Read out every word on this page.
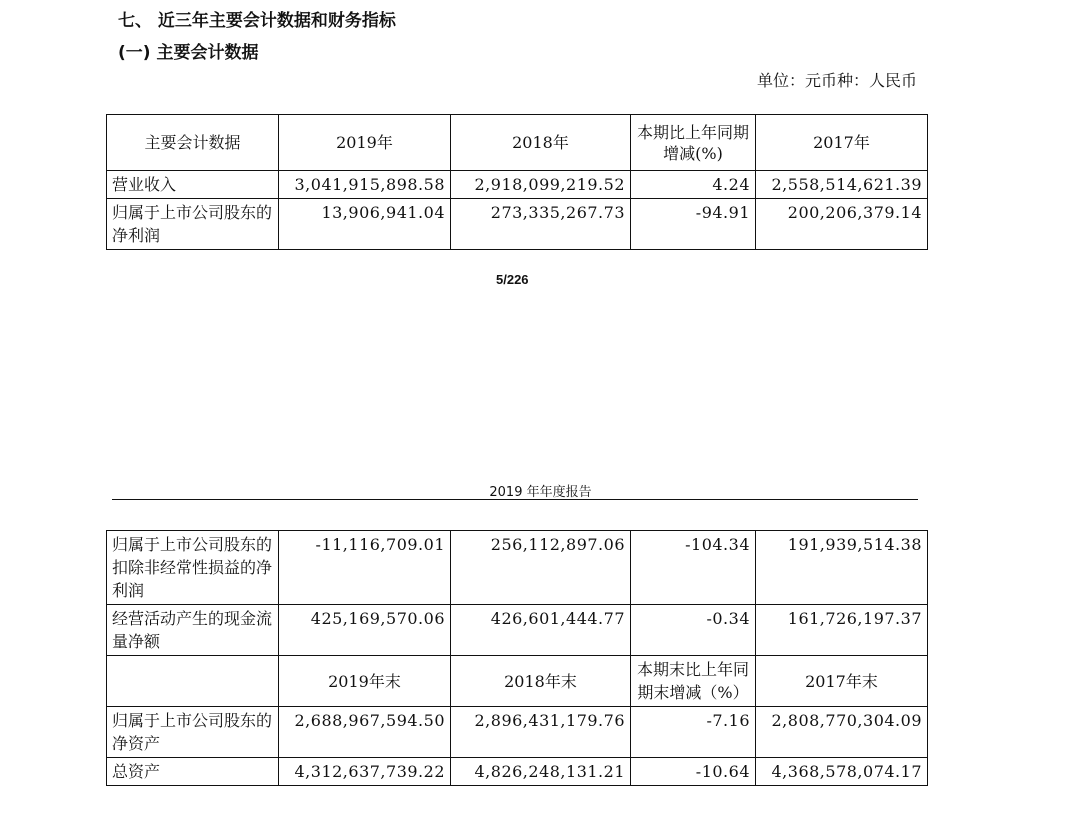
七、 近三年主要会计数据和财务指标
(一) 主要会计数据
单位：元币种：人民币
主要会计数据	2019年	2018年	本期比上年同期增减(%)	2017年
营业收入	3,041,915,898.58	2,918,099,219.52	4.24	2,558,514,621.39
归属于上市公司股东的净利润	13,906,941.04	273,335,267.73	-94.91	200,206,379.14
5/226
2019 年年度报告
归属于上市公司股东的扣除非经常性损益的净利润	-11,116,709.01	256,112,897.06	-104.34	191,939,514.38
经营活动产生的现金流量净额	425,169,570.06	426,601,444.77	-0.34	161,726,197.37
	2019年末	2018年末	本期末比上年同期末增减（%）	2017年末
归属于上市公司股东的净资产	2,688,967,594.50	2,896,431,179.76	-7.16	2,808,770,304.09
总资产	4,312,637,739.22	4,826,248,131.21	-10.64	4,368,578,074.17
